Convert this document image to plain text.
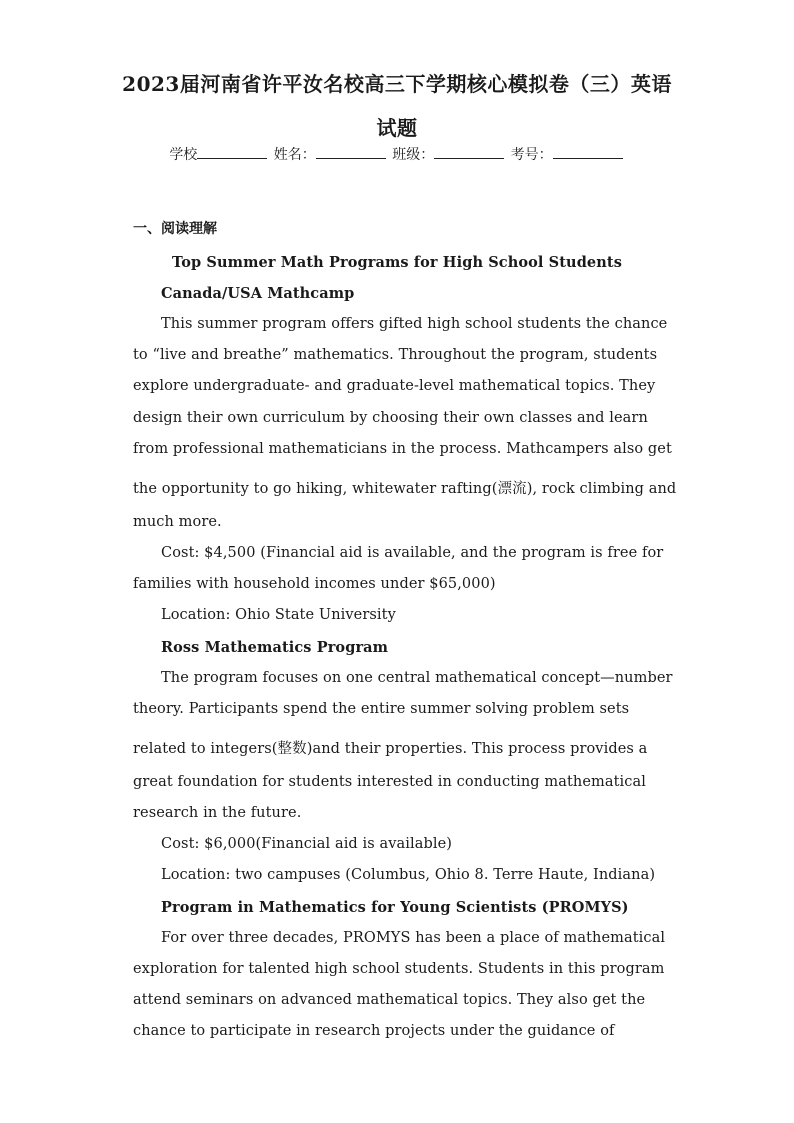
2023届河南省许平汝名校高三下学期核心模拟卷（三）英语
试题
学校	姓名：	班级：	考号：
一、阅读理解
Top Summer Math Programs for High School Students
Canada/USA Mathcamp
This summer program offers gifted high school students the chance
to “live and breathe” mathematics. Throughout the program, students
explore undergraduate- and graduate-level mathematical topics. They
design their own curriculum by choosing their own classes and learn
from professional mathematicians in the process. Mathcampers also get
the opportunity to go hiking, whitewater rafting(漂流), rock climbing and
much more.
Cost: $4,500 (Financial aid is available, and the program is free for
families with household incomes under $65,000)
Location: Ohio State University
Ross Mathematics Program
The program focuses on one central mathematical concept—number
theory. Participants spend the entire summer solving problem sets
related to integers(整数)and their properties. This process provides a
great foundation for students interested in conducting mathematical
research in the future.
Cost: $6,000(Financial aid is available)
Location: two campuses (Columbus, Ohio 8. Terre Haute, Indiana)
Program in Mathematics for Young Scientists (PROMYS)
For over three decades, PROMYS has been a place of mathematical
exploration for talented high school students. Students in this program
attend seminars on advanced mathematical topics. They also get the
chance to participate in research projects under the guidance of
